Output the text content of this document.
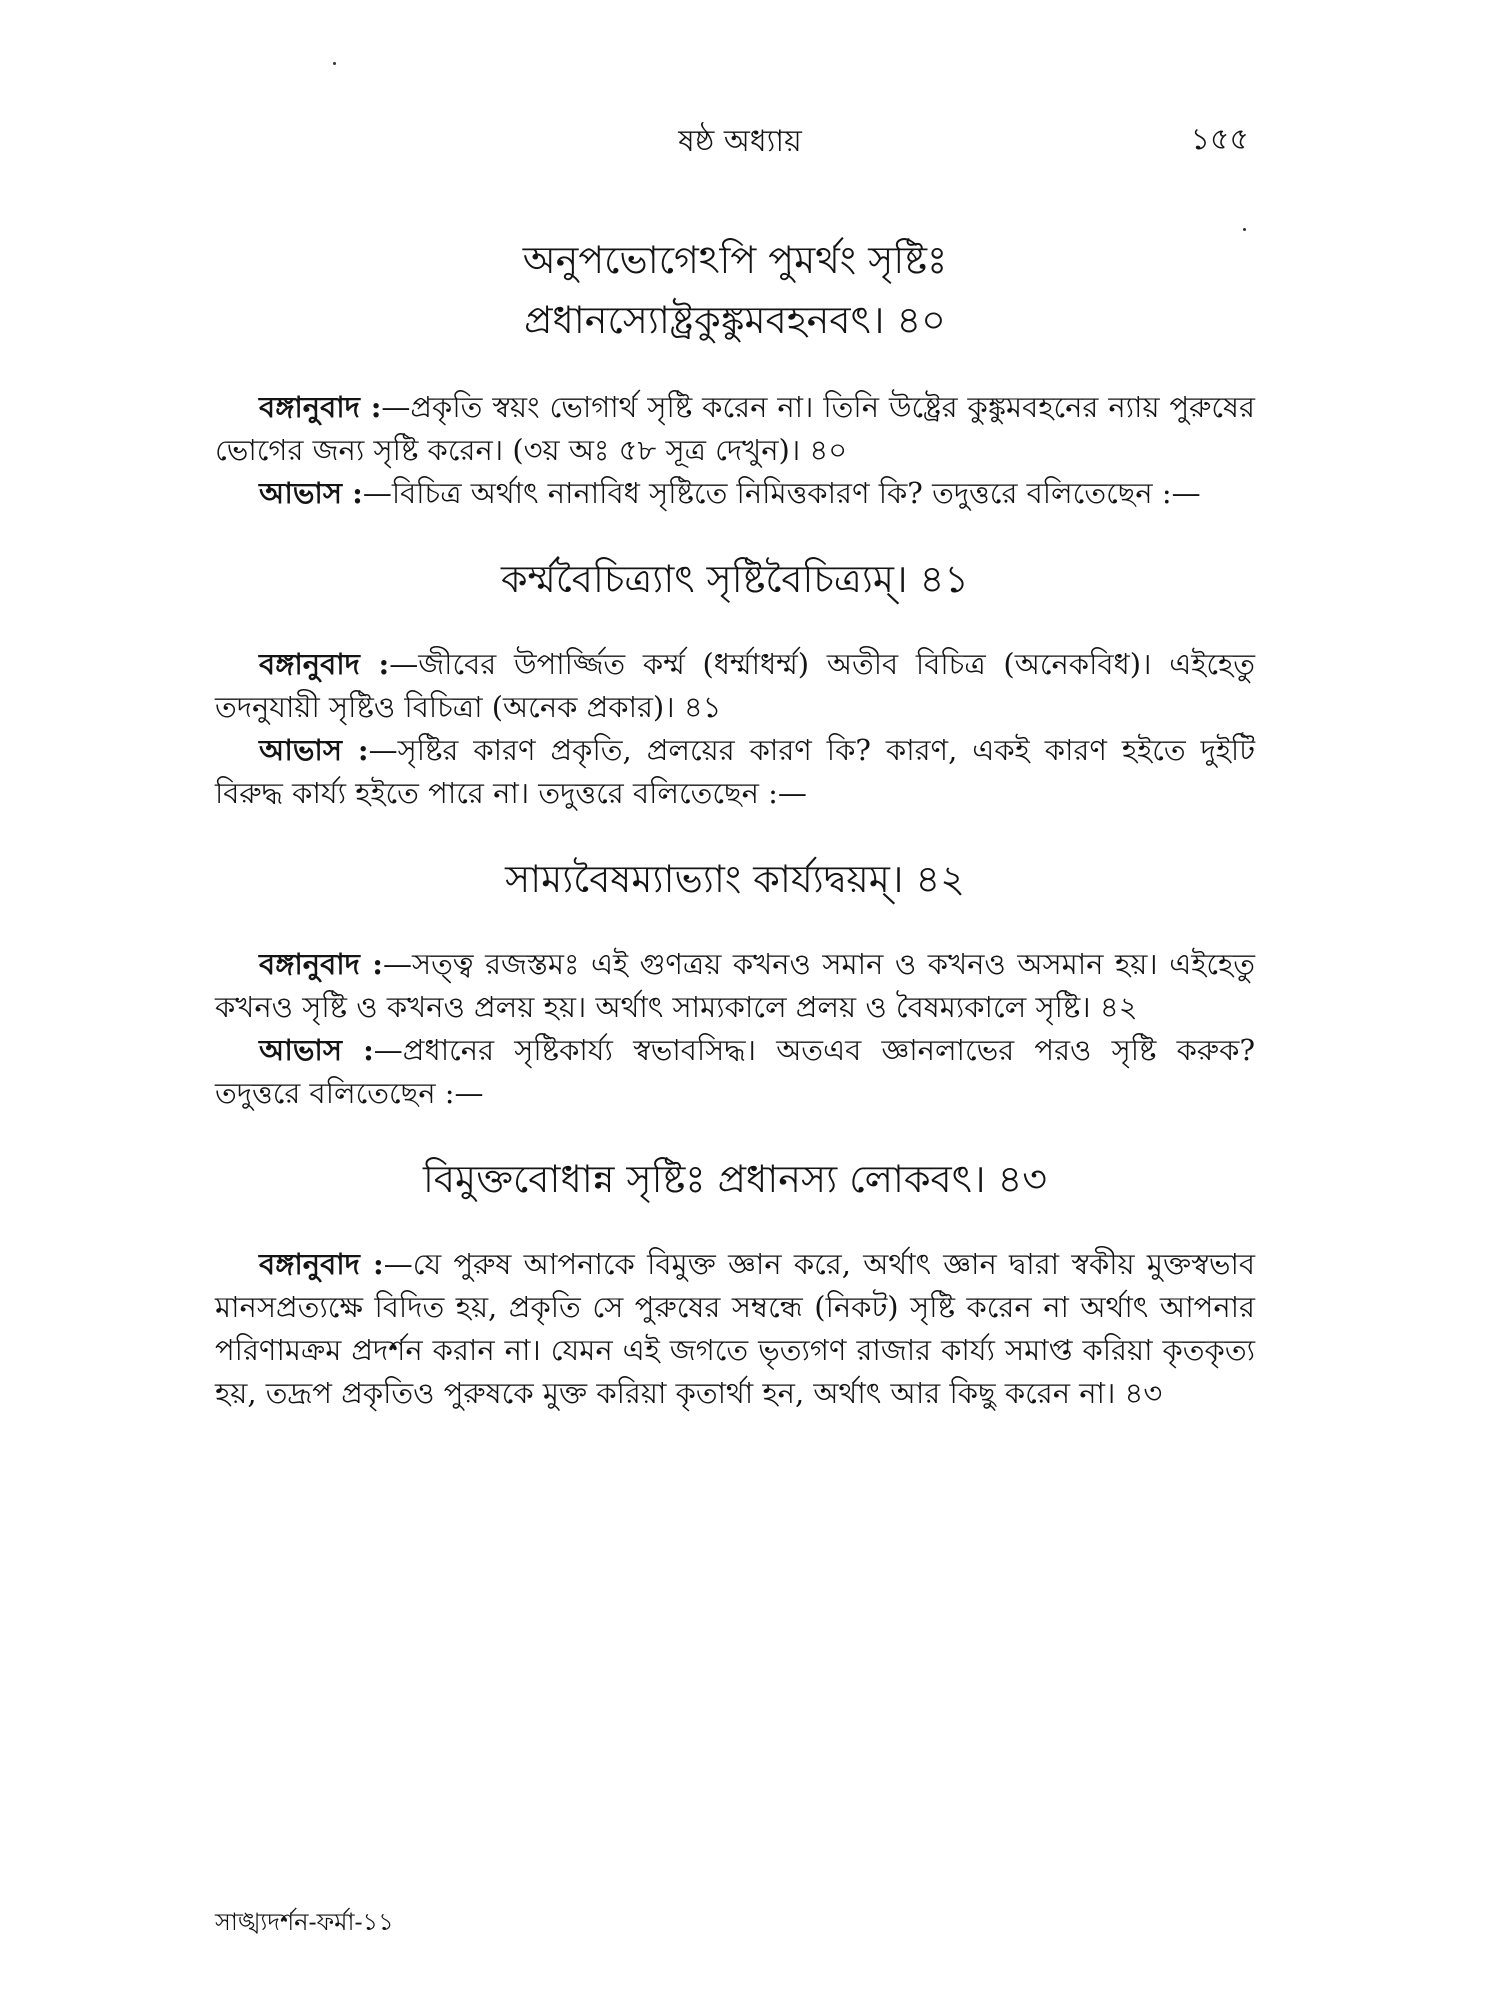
ষষ্ঠ অধ্যায়	১৫৫
অনুপভোগেঽপি পুমর্থং সৃষ্টিঃ
প্রধানস্যোষ্ট্রকুঙ্কুমবহনবৎ। ৪০

বঙ্গানুবাদ :—প্রকৃতি স্বয়ং ভোগার্থ সৃষ্টি করেন না। তিনি উষ্ট্রের কুঙ্কুমবহনের ন্যায় পুরুষের ভোগের জন্য সৃষ্টি করেন। (৩য় অঃ ৫৮ সূত্র দেখুন)। ৪০

আভাস :—বিচিত্র অর্থাৎ নানাবিধ সৃষ্টিতে নিমিত্তকারণ কি? তদুত্তরে বলিতেছেন :—

কর্ম্মবৈচিত্র্যাৎ সৃষ্টিবৈচিত্র্যম্। ৪১

বঙ্গানুবাদ :—জীবের উপার্জ্জিত কর্ম্ম (ধর্ম্মাধর্ম্ম) অতীব বিচিত্র (অনেকবিধ)। এইহেতু তদনুযায়ী সৃষ্টিও বিচিত্রা (অনেক প্রকার)। ৪১

আভাস :—সৃষ্টির কারণ প্রকৃতি, প্রলয়ের কারণ কি? কারণ, একই কারণ হইতে দুইটি বিরুদ্ধ কার্য্য হইতে পারে না। তদুত্তরে বলিতেছেন :—

সাম্যবৈষম্যাভ্যাং কার্য্যদ্বয়ম্। ৪২

বঙ্গানুবাদ :—সত্ত্ব রজস্তমঃ এই গুণত্রয় কখনও সমান ও কখনও অসমান হয়। এইহেতু কখনও সৃষ্টি ও কখনও প্রলয় হয়। অর্থাৎ সাম্যকালে প্রলয় ও বৈষম্যকালে সৃষ্টি। ৪২

আভাস :—প্রধানের সৃষ্টিকার্য্য স্বভাবসিদ্ধ। অতএব জ্ঞানলাভের পরও সৃষ্টি করুক? তদুত্তরে বলিতেছেন :—

বিমুক্তবোধান্ন সৃষ্টিঃ প্রধানস্য লোকবৎ। ৪৩

বঙ্গানুবাদ :—যে পুরুষ আপনাকে বিমুক্ত জ্ঞান করে, অর্থাৎ জ্ঞান দ্বারা স্বকীয় মুক্তস্বভাব মানসপ্রত্যক্ষে বিদিত হয়, প্রকৃতি সে পুরুষের সম্বন্ধে (নিকট) সৃষ্টি করেন না অর্থাৎ আপনার পরিণামক্রম প্রদর্শন করান না। যেমন এই জগতে ভৃত্যগণ রাজার কার্য্য সমাপ্ত করিয়া কৃতকৃত্য হয়, তদ্রূপ প্রকৃতিও পুরুষকে মুক্ত করিয়া কৃতার্থা হন, অর্থাৎ আর কিছু করেন না। ৪৩

সাঙ্খ্যদর্শন-ফর্মা-১১
